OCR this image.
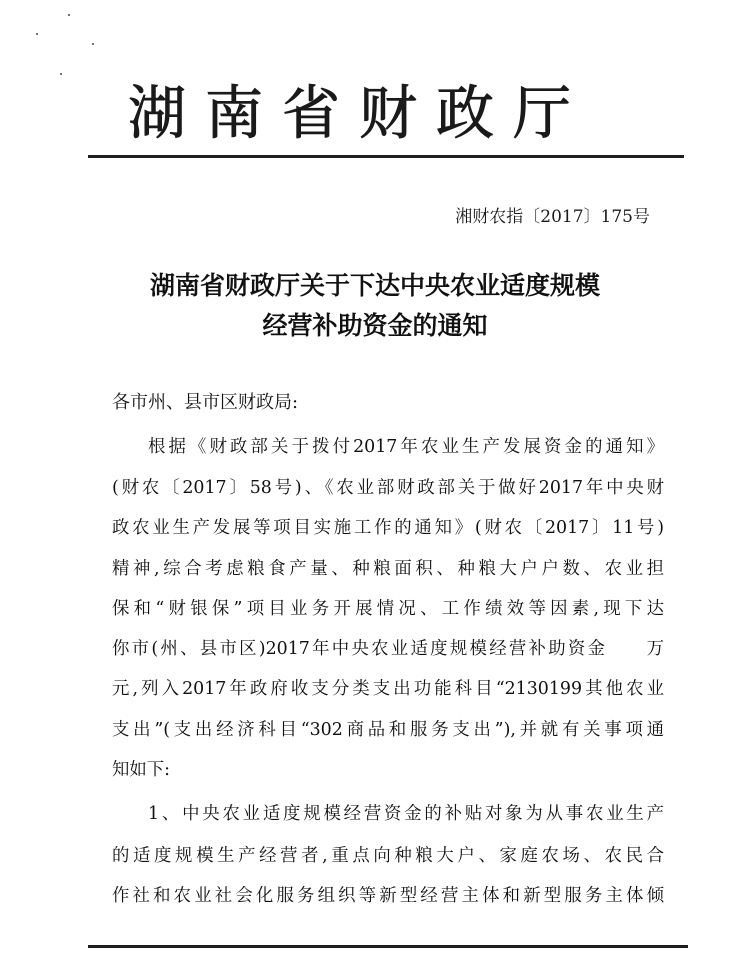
湖南省财政厅
湘财农指〔2017〕175号
湖南省财政厅关于下达中央农业适度规模
经营补助资金的通知
各市州、县市区财政局:
根据《财政部关于拨付2017年农业生产发展资金的通知》
(财农〔2017〕58号)、《农业部财政部关于做好2017年中央财
政农业生产发展等项目实施工作的通知》(财农〔2017〕11号)
精神,综合考虑粮食产量、种粮面积、种粮大户户数、农业担
保和“财银保”项目业务开展情况、工作绩效等因素,现下达
你市(州、县市区)2017年中央农业适度规模经营补助资金　　万
元,列入2017年政府收支分类支出功能科目“2130199其他农业
支出”(支出经济科目“302商品和服务支出”),并就有关事项通
知如下:
1、中央农业适度规模经营资金的补贴对象为从事农业生产
的适度规模生产经营者,重点向种粮大户、家庭农场、农民合
作社和农业社会化服务组织等新型经营主体和新型服务主体倾
